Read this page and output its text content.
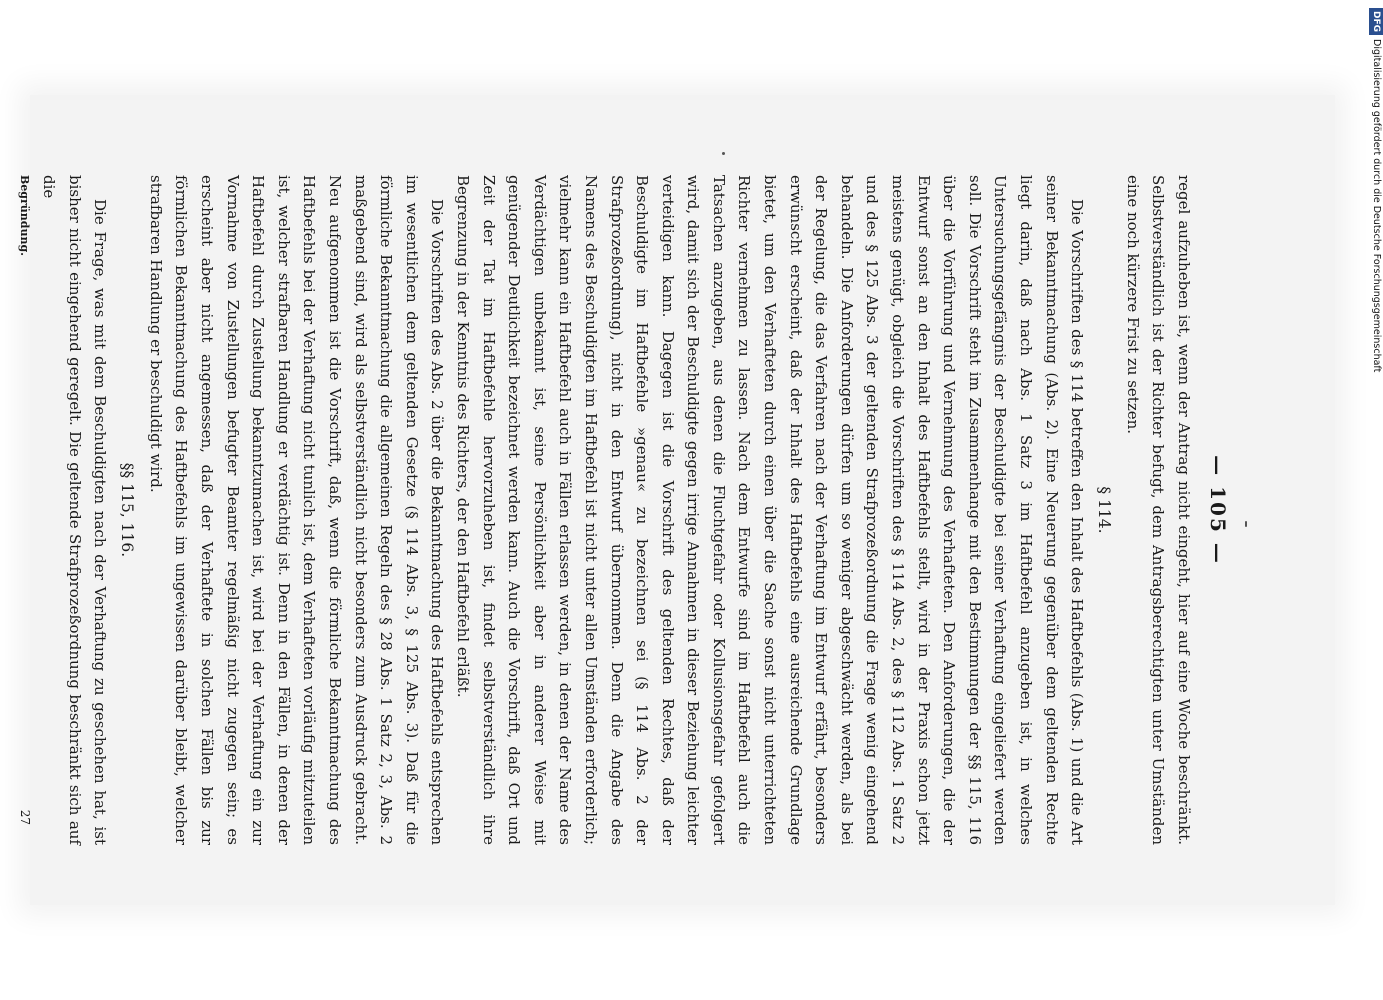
— 105 —

regel aufzuheben ist, wenn der Antrag nicht eingeht, hier auf eine Woche beschränkt. Selbstverständlich ist der Richter befugt, dem Antragsberechtigten unter Umständen eine noch kürzere Frist zu setzen.

§ 114.

Die Vorschriften des § 114 betreffen den Inhalt des Haftbefehls (Abs. 1) und die Art seiner Bekanntmachung (Abs. 2). Eine Neuerung gegenüber dem geltenden Rechte liegt darin, daß nach Abs. 1 Satz 3 im Haftbefehl anzugeben ist, in welches Untersuchungsgefängnis der Beschuldigte bei seiner Verhaftung eingeliefert werden soll. Die Vorschrift steht im Zusammenhange mit den Bestimmungen der §§ 115, 116 über die Vorführung und Vernehmung des Verhafteten. Den Anforderungen, die der Entwurf sonst an den Inhalt des Haftbefehls stellt, wird in der Praxis schon jetzt meistens genügt, obgleich die Vorschriften des § 114 Abs. 2, des § 112 Abs. 1 Satz 2 und des § 125 Abs. 3 der geltenden Strafprozeßordnung die Frage wenig eingehend behandeln. Die Anforderungen dürfen um so weniger abgeschwächt werden, als bei der Regelung, die das Verfahren nach der Verhaftung im Entwurf erfährt, besonders erwünscht erscheint, daß der Inhalt des Haftbefehls eine ausreichende Grundlage bietet, um den Verhafteten durch einen über die Sache sonst nicht unterrichteten Richter vernehmen zu lassen. Nach dem Entwurfe sind im Haftbefehl auch die Tatsachen anzugeben, aus denen die Fluchtgefahr oder Kollusionsgefahr gefolgert wird, damit sich der Beschuldigte gegen irrige Annahmen in dieser Beziehung leichter verteidigen kann. Dagegen ist die Vorschrift des geltenden Rechtes, daß der Beschuldigte im Haftbefehle »genau« zu bezeichnen sei (§ 114 Abs. 2 der Strafprozeßordnung), nicht in den Entwurf übernommen. Denn die Angabe des Namens des Beschuldigten im Haftbefehl ist nicht unter allen Umständen erforderlich; vielmehr kann ein Haftbefehl auch in Fällen erlassen werden, in denen der Name des Verdächtigen unbekannt ist, seine Persönlichkeit aber in anderer Weise mit genügender Deutlichkeit bezeichnet werden kann. Auch die Vorschrift, daß Ort und Zeit der Tat im Haftbefehle hervorzuheben ist, findet selbstverständlich ihre Begrenzung in der Kenntnis des Richters, der den Haftbefehl erläßt.

Die Vorschriften des Abs. 2 über die Bekanntmachung des Haftbefehls entsprechen im wesentlichen dem geltenden Gesetze (§ 114 Abs. 3, § 125 Abs. 3). Daß für die förmliche Bekanntmachung die allgemeinen Regeln des § 28 Abs. 1 Satz 2, 3, Abs. 2 maßgebend sind, wird als selbstverständlich nicht besonders zum Ausdruck gebracht. Neu aufgenommen ist die Vorschrift, daß, wenn die förmliche Bekanntmachung des Haftbefehls bei der Verhaftung nicht tunlich ist, dem Verhafteten vorläufig mitzuteilen ist, welcher strafbaren Handlung er verdächtig ist. Denn in den Fällen, in denen der Haftbefehl durch Zustellung bekanntzumachen ist, wird bei der Verhaftung ein zur Vornahme von Zustellungen befugter Beamter regelmäßig nicht zugegen sein; es erscheint aber nicht angemessen, daß der Verhaftete in solchen Fällen bis zur förmlichen Bekanntmachung des Haftbefehls im ungewissen darüber bleibt, welcher strafbaren Handlung er beschuldigt wird.

§§ 115, 116.

Die Frage, was mit dem Beschuldigten nach der Verhaftung zu geschehen hat, ist bisher nicht eingehend geregelt. Die geltende Strafprozeßordnung beschränkt sich auf die

Begründung.
27
DFG
Digitalisierung gefördert durch die Deutsche Forschungsgemeinschaft
